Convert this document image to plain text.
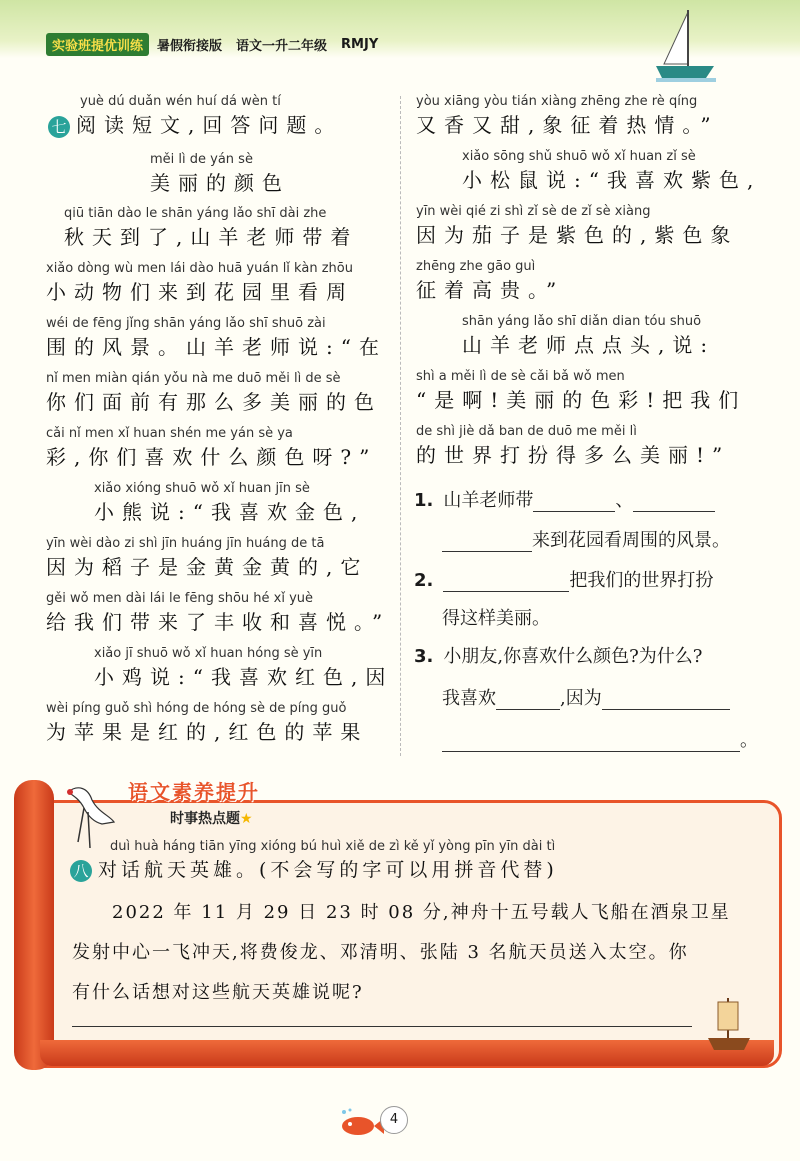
实验班提优训练	暑假衔接版 语文一升二年级 RMJY
yuè dú duǎn wén huí dá wèn tí
七 阅读短文,回答问题。
měi lì de yán sè
美丽的颜色
qiū tiān dào le shān yáng lǎo shī dài zhe
秋天到了,山羊老师带着
xiǎo dòng wù men lái dào huā yuán lǐ kàn zhōu
小动物们来到花园里看周
wéi de fēng jǐng shān yáng lǎo shī shuō zài
围的风景。山羊老师说:“在
nǐ men miàn qián yǒu nà me duō měi lì de sè
你们面前有那么多美丽的色
cǎi nǐ men xǐ huan shén me yán sè ya
彩,你们喜欢什么颜色呀?”
xiǎo xióng shuō wǒ xǐ huan jīn sè
小熊说:“我喜欢金色,
yīn wèi dào zi shì jīn huáng jīn huáng de tā
因为稻子是金黄金黄的,它
gěi wǒ men dài lái le fēng shōu hé xǐ yuè
给我们带来了丰收和喜悦。”
xiǎo jī shuō wǒ xǐ huan hóng sè yīn
小鸡说:“我喜欢红色,因
wèi píng guǒ shì hóng de hóng sè de píng guǒ
为苹果是红的,红色的苹果
yòu xiāng yòu tián xiàng zhēng zhe rè qíng
又香又甜,象征着热情。”
xiǎo sōng shǔ shuō wǒ xǐ huan zǐ sè
小松鼠说:“我喜欢紫色,
yīn wèi qié zi shì zǐ sè de zǐ sè xiàng
因为茄子是紫色的,紫色象
zhēng zhe gāo guì
征着高贵。”
shān yáng lǎo shī diǎn dian tóu shuō
山羊老师点点头,说:
shì a měi lì de sè cǎi bǎ wǒ men
“是啊!美丽的色彩!把我们
de shì jiè dǎ ban de duō me měi lì
的世界打扮得多么美丽!”
1. 山羊老师带	、
来到花园看周围的风景。
2.	把我们的世界打扮
得这样美丽。
3. 小朋友,你喜欢什么颜色?为什么?
我喜欢	,因为
。
语文素养提升
时事热点题★
duì huà háng tiān yīng xióng bú huì xiě de zì kě yǐ yòng pīn yīn dài tì
八 对话航天英雄。(不会写的字可以用拼音代替)
2022 年 11 月 29 日 23 时 08 分,神舟十五号载人飞船在酒泉卫星
发射中心一飞冲天,将费俊龙、邓清明、张陆 3 名航天员送入太空。你
有什么话想对这些航天英雄说呢?
4
